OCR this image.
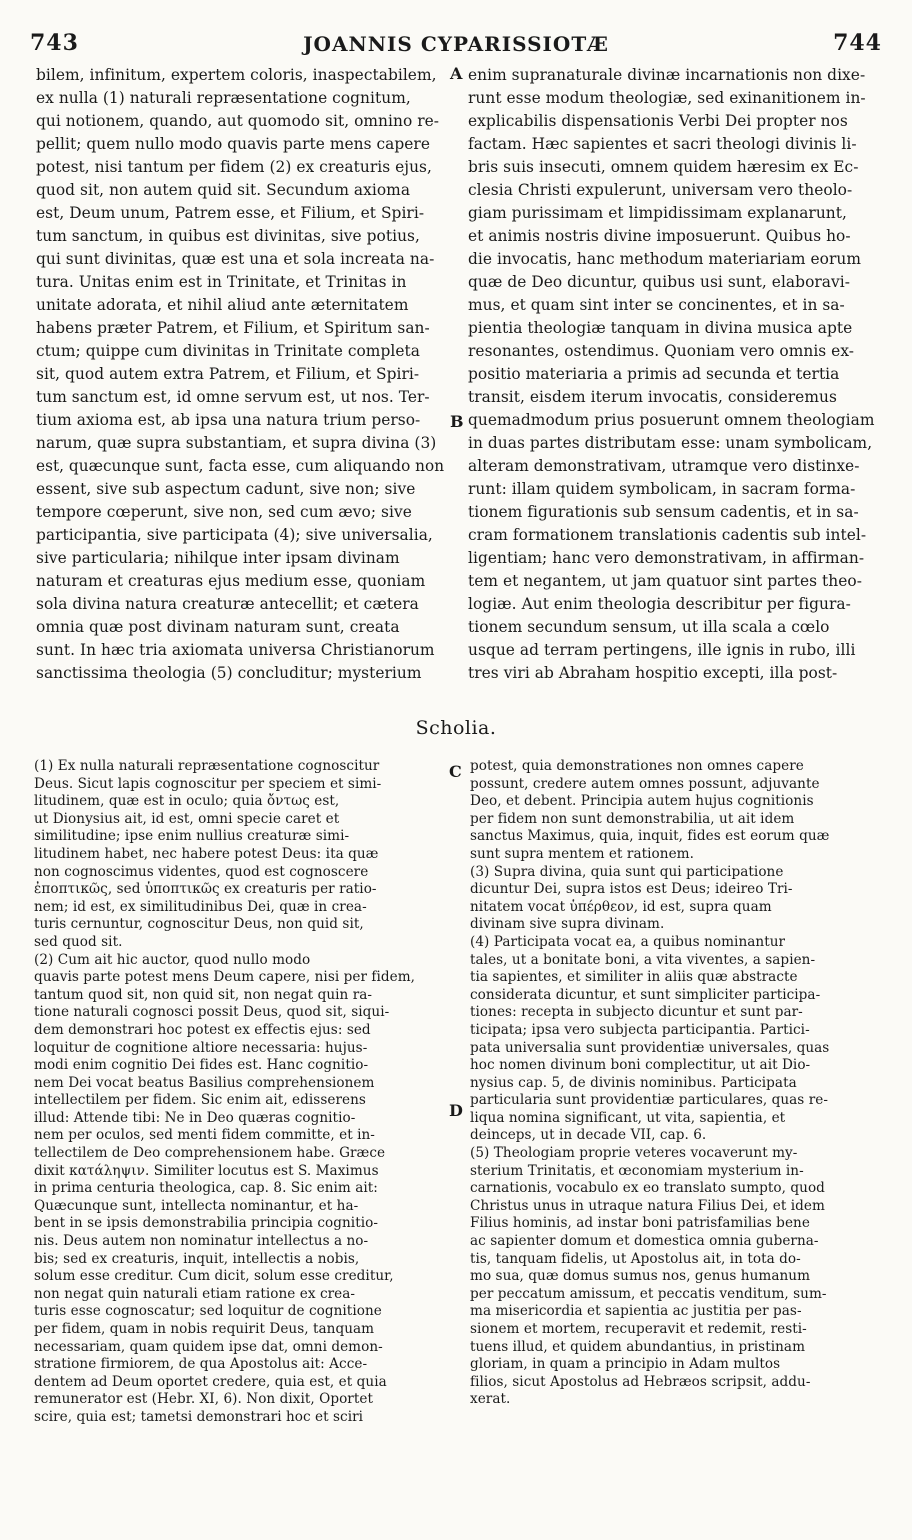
743	JOANNIS CYPARISSIOTÆ	744
A
B
C
D
bilem, infinitum, expertem coloris, inaspectabilem,
ex nulla (1) naturali repræsentatione cognitum,
qui notionem, quando, aut quomodo sit, omnino re-
pellit; quem nullo modo quavis parte mens capere
potest, nisi tantum per fidem (2) ex creaturis ejus,
quod sit, non autem quid sit. Secundum axioma
est, Deum unum, Patrem esse, et Filium, et Spiri-
tum sanctum, in quibus est divinitas, sive potius,
qui sunt divinitas, quæ est una et sola increata na-
tura. Unitas enim est in Trinitate, et Trinitas in
unitate adorata, et nihil aliud ante æternitatem
habens præter Patrem, et Filium, et Spiritum san-
ctum; quippe cum divinitas in Trinitate completa
sit, quod autem extra Patrem, et Filium, et Spiri-
tum sanctum est, id omne servum est, ut nos. Ter-
tium axioma est, ab ipsa una natura trium perso-
narum, quæ supra substantiam, et supra divina (3)
est, quæcunque sunt, facta esse, cum aliquando non
essent, sive sub aspectum cadunt, sive non; sive
tempore cœperunt, sive non, sed cum ævo; sive
participantia, sive participata (4); sive universalia,
sive particularia; nihilque inter ipsam divinam
naturam et creaturas ejus medium esse, quoniam
sola divina natura creaturæ antecellit; et cætera
omnia quæ post divinam naturam sunt, creata
sunt. In hæc tria axiomata universa Christianorum
sanctissima theologia (5) concluditur; mysterium
enim supranaturale divinæ incarnationis non dixe-
runt esse modum theologiæ, sed exinanitionem in-
explicabilis dispensationis Verbi Dei propter nos
factam. Hæc sapientes et sacri theologi divinis li-
bris suis insecuti, omnem quidem hæresim ex Ec-
clesia Christi expulerunt, universam vero theolo-
giam purissimam et limpidissimam explanarunt,
et animis nostris divine imposuerunt. Quibus ho-
die invocatis, hanc methodum materiariam eorum
quæ de Deo dicuntur, quibus usi sunt, elaboravi-
mus, et quam sint inter se concinentes, et in sa-
pientia theologiæ tanquam in divina musica apte
resonantes, ostendimus. Quoniam vero omnis ex-
positio materiaria a primis ad secunda et tertia
transit, eisdem iterum invocatis, consideremus
quemadmodum prius posuerunt omnem theologiam
in duas partes distributam esse: unam symbolicam,
alteram demonstrativam, utramque vero distinxe-
runt: illam quidem symbolicam, in sacram forma-
tionem figurationis sub sensum cadentis, et in sa-
cram formationem translationis cadentis sub intel-
ligentiam; hanc vero demonstrativam, in affirman-
tem et negantem, ut jam quatuor sint partes theo-
logiæ. Aut enim theologia describitur per figura-
tionem secundum sensum, ut illa scala a cœlo
usque ad terram pertingens, ille ignis in rubo, illi
tres viri ab Abraham hospitio excepti, illa post-
Scholia.
(1) Ex nulla naturali repræsentatione cognoscitur
Deus. Sicut lapis cognoscitur per speciem et simi-
litudinem, quæ est in oculo; quia ὄντως est,
ut Dionysius ait, id est, omni specie caret et
similitudine; ipse enim nullius creaturæ simi-
litudinem habet, nec habere potest Deus: ita quæ
non cognoscimus videntes, quod est cognoscere
ἐποπτικῶς, sed ὑποπτικῶς ex creaturis per ratio-
nem; id est, ex similitudinibus Dei, quæ in crea-
turis cernuntur, cognoscitur Deus, non quid sit,
sed quod sit.
(2) Cum ait hic auctor, quod nullo modo
quavis parte potest mens Deum capere, nisi per fidem,
tantum quod sit, non quid sit, non negat quin ra-
tione naturali cognosci possit Deus, quod sit, siqui-
dem demonstrari hoc potest ex effectis ejus: sed
loquitur de cognitione altiore necessaria: hujus-
modi enim cognitio Dei fides est. Hanc cognitio-
nem Dei vocat beatus Basilius comprehensionem
intellectilem per fidem. Sic enim ait, edisserens
illud: Attende tibi: Ne in Deo quæras cognitio-
nem per oculos, sed menti fidem committe, et in-
tellectilem de Deo comprehensionem habe. Græce
dixit κατάληψιν. Similiter locutus est S. Maximus
in prima centuria theologica, cap. 8. Sic enim ait:
Quæcunque sunt, intellecta nominantur, et ha-
bent in se ipsis demonstrabilia principia cognitio-
nis. Deus autem non nominatur intellectus a no-
bis; sed ex creaturis, inquit, intellectis a nobis,
solum esse creditur. Cum dicit, solum esse creditur,
non negat quin naturali etiam ratione ex crea-
turis esse cognoscatur; sed loquitur de cognitione
per fidem, quam in nobis requirit Deus, tanquam
necessariam, quam quidem ipse dat, omni demon-
stratione firmiorem, de qua Apostolus ait: Acce-
dentem ad Deum oportet credere, quia est, et quia
remunerator est (Hebr. XI, 6). Non dixit, Oportet
scire, quia est; tametsi demonstrari hoc et sciri
potest, quia demonstrationes non omnes capere
possunt, credere autem omnes possunt, adjuvante
Deo, et debent. Principia autem hujus cognitionis
per fidem non sunt demonstrabilia, ut ait idem
sanctus Maximus, quia, inquit, fides est eorum quæ
sunt supra mentem et rationem.
(3) Supra divina, quia sunt qui participatione
dicuntur Dei, supra istos est Deus; ideireo Tri-
nitatem vocat ὑπέρθεον, id est, supra quam
divinam sive supra divinam.
(4) Participata vocat ea, a quibus nominantur
tales, ut a bonitate boni, a vita viventes, a sapien-
tia sapientes, et similiter in aliis quæ abstracte
considerata dicuntur, et sunt simpliciter participa-
tiones: recepta in subjecto dicuntur et sunt par-
ticipata; ipsa vero subjecta participantia. Partici-
pata universalia sunt providentiæ universales, quas
hoc nomen divinum boni complectitur, ut ait Dio-
nysius cap. 5, de divinis nominibus. Participata
particularia sunt providentiæ particulares, quas re-
liqua nomina significant, ut vita, sapientia, et
deinceps, ut in decade VII, cap. 6.
(5) Theologiam proprie veteres vocaverunt my-
sterium Trinitatis, et œconomiam mysterium in-
carnationis, vocabulo ex eo translato sumpto, quod
Christus unus in utraque natura Filius Dei, et idem
Filius hominis, ad instar boni patrisfamilias bene
ac sapienter domum et domestica omnia guberna-
tis, tanquam fidelis, ut Apostolus ait, in tota do-
mo sua, quæ domus sumus nos, genus humanum
per peccatum amissum, et peccatis venditum, sum-
ma misericordia et sapientia ac justitia per pas-
sionem et mortem, recuperavit et redemit, resti-
tuens illud, et quidem abundantius, in pristinam
gloriam, in quam a principio in Adam multos
filios, sicut Apostolus ad Hebræos scripsit, addu-
xerat.
